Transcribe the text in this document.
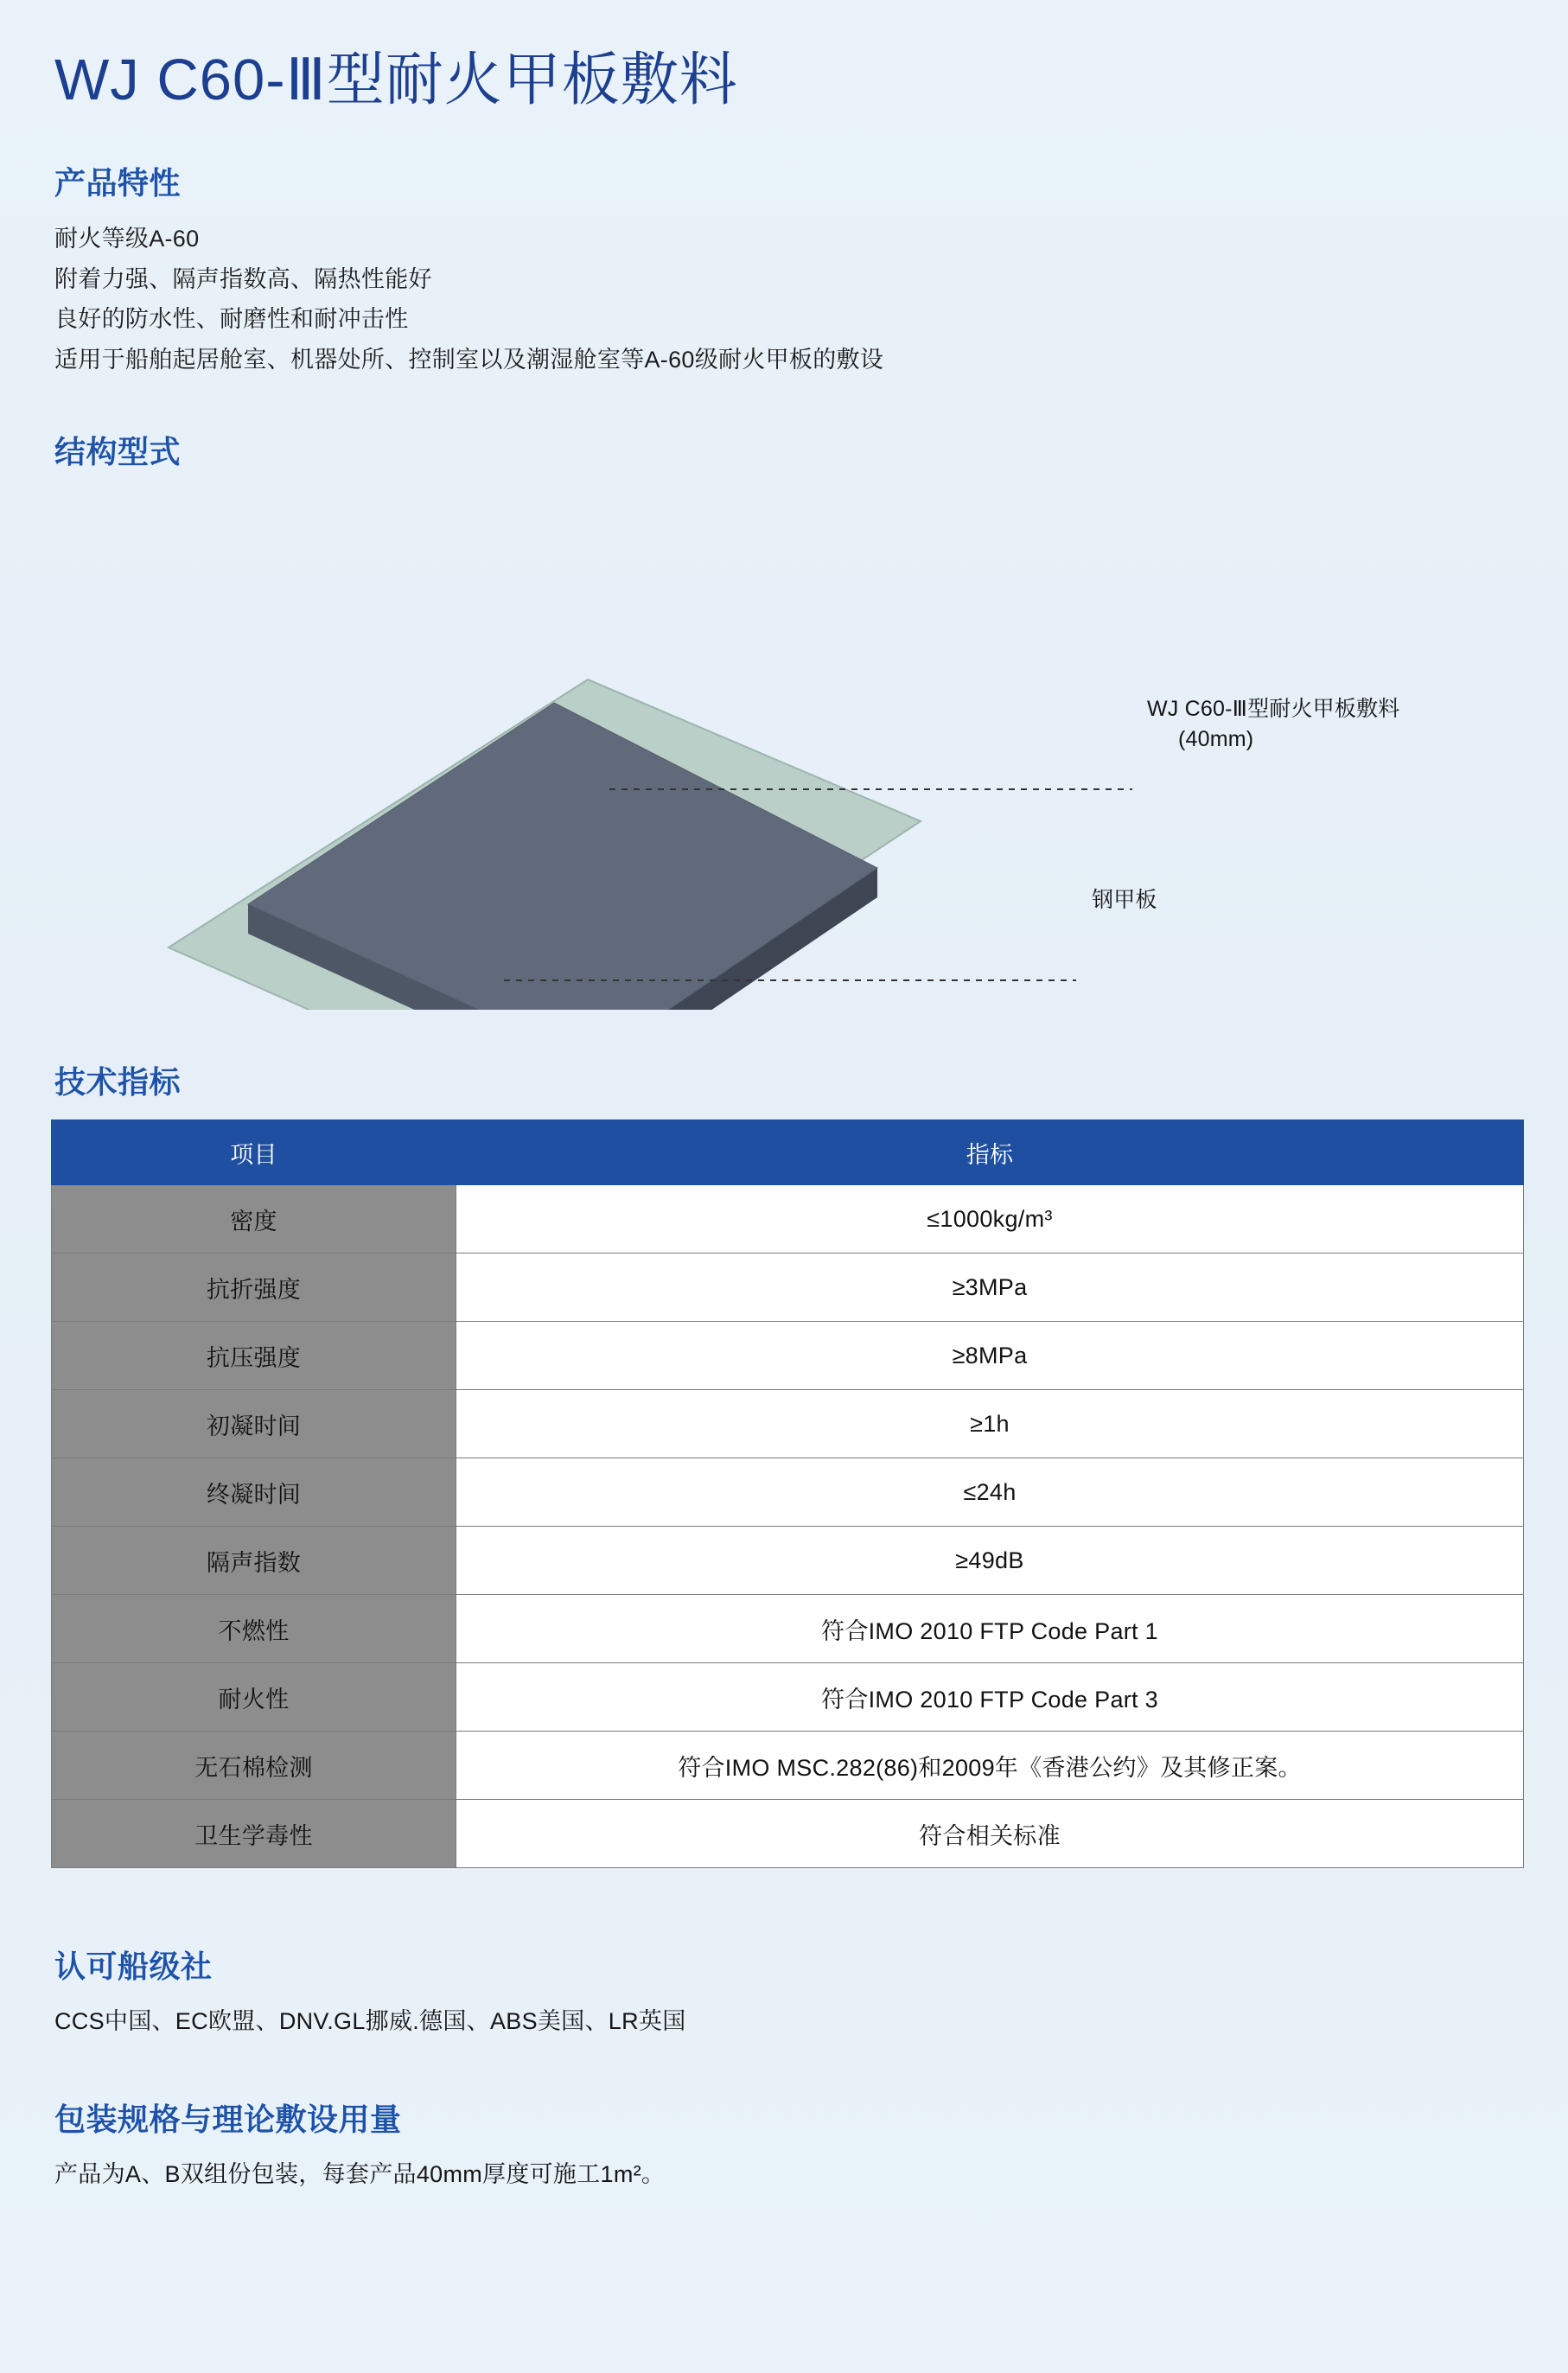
WJ C60-Ⅲ型耐火甲板敷料
产品特性
耐火等级A-60
附着力强、隔声指数高、隔热性能好
良好的防水性、耐磨性和耐冲击性
适用于船舶起居舱室、机器处所、控制室以及潮湿舱室等A-60级耐火甲板的敷设
结构型式
WJ C60-Ⅲ型耐火甲板敷料
(40mm)
钢甲板
技术指标
项目	指标
密度	≤1000kg/m³
抗折强度	≥3MPa
抗压强度	≥8MPa
初凝时间	≥1h
终凝时间	≤24h
隔声指数	≥49dB
不燃性	符合IMO 2010 FTP Code Part 1
耐火性	符合IMO 2010 FTP Code Part 3
无石棉检测	符合IMO MSC.282(86)和2009年《香港公约》及其修正案。
卫生学毒性	符合相关标准
认可船级社
CCS中国、EC欧盟、DNV.GL挪威.德国、ABS美国、LR英国
包装规格与理论敷设用量
产品为A、B双组份包装，每套产品40mm厚度可施工1m²。
